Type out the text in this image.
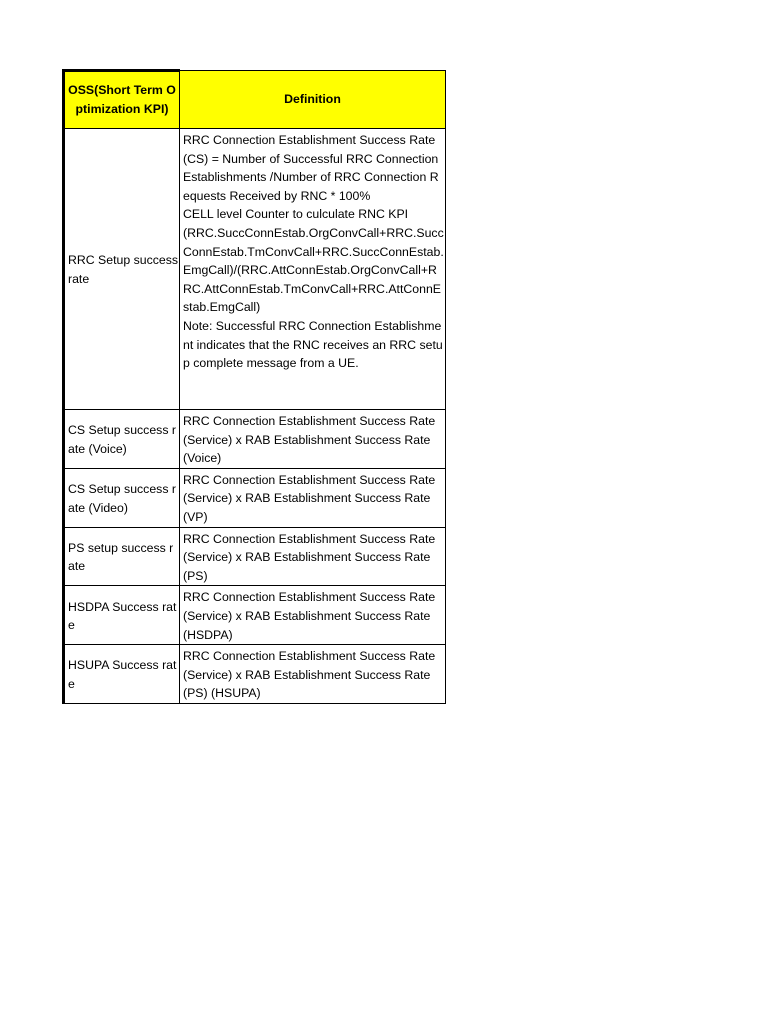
OSS(Short Term Optimization KPI)	Definition
RRC Setup success rate	RRC Connection Establishment Success Rate (CS) = Number of Successful RRC Connection Establishments /Number of RRC Connection Requests Received by RNC * 100%
CELL level Counter to culculate RNC KPI
(RRC.SuccConnEstab.OrgConvCall+RRC.SuccConnEstab.TmConvCall+RRC.SuccConnEstab.EmgCall)/(RRC.AttConnEstab.OrgConvCall+RRC.AttConnEstab.TmConvCall+RRC.AttConnEstab.EmgCall)
Note: Successful RRC Connection Establishment indicates that the RNC receives an RRC setup complete message from a UE.

CS Setup success rate (Voice)	RRC Connection Establishment Success Rate (Service) x RAB Establishment Success Rate (Voice)
CS Setup success rate (Video)	RRC Connection Establishment Success Rate (Service) x RAB Establishment Success Rate (VP)
PS setup success rate	RRC Connection Establishment Success Rate (Service) x RAB Establishment Success Rate (PS)
HSDPA Success rate	RRC Connection Establishment Success Rate (Service) x RAB Establishment Success Rate (HSDPA)
HSUPA Success rate	RRC Connection Establishment Success Rate (Service) x RAB Establishment Success Rate (PS) (HSUPA)
